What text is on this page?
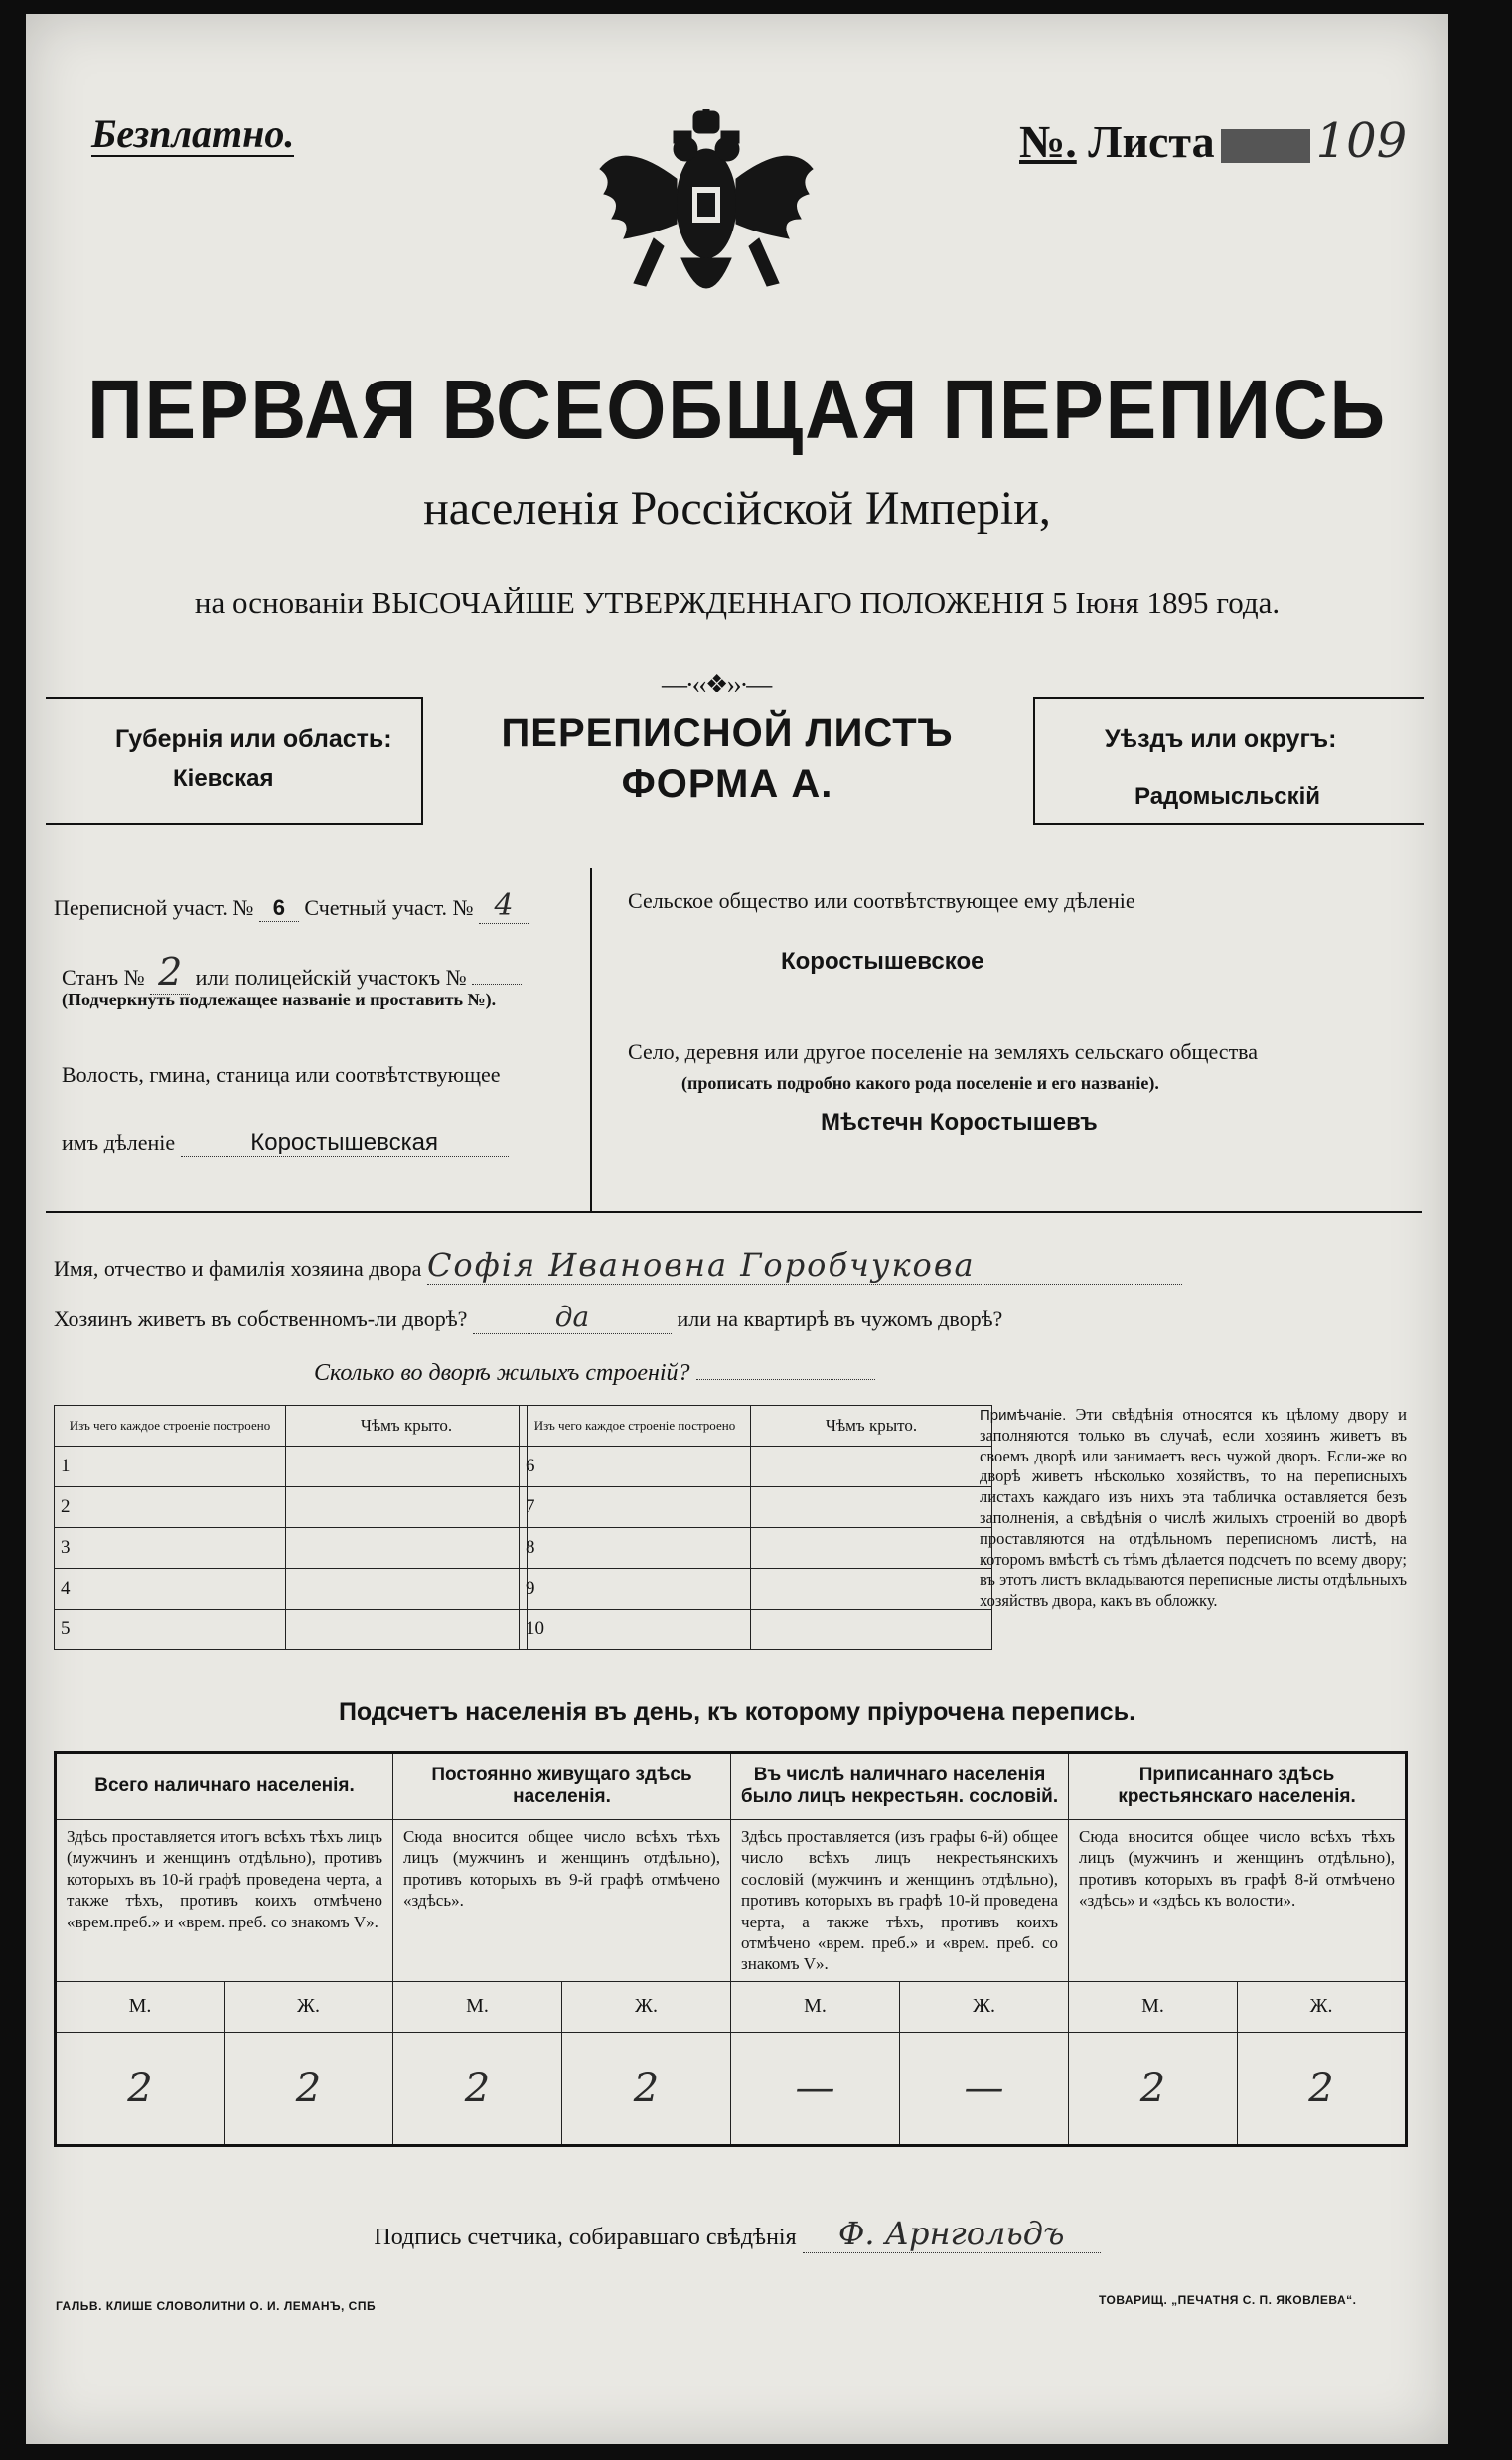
Безплатно.	№. Листа 109
ПЕРВАЯ ВСЕОБЩАЯ ПЕРЕПИСЬ
населенія Россійской Имперіи,
на основаніи ВЫСОЧАЙШЕ УТВЕРЖДЕННАГО ПОЛОЖЕНІЯ 5 Іюня 1895 года.
—·‹‹❖››·—
Губернія или область:
Кіевская
ПЕРЕПИСНОЙ ЛИСТЪ
ФОРМА А.
Уѣздъ или округъ:
Радомысльскій
Переписной участ. № 6 Счетный участ. № 4
Станъ № 2 или полицейскій участокъ №
(Подчеркнуть подлежащее названіе и проставить №).
Волость, гмина, станица или соотвѣтствующее
имъ дѣленіе	Коростышевская
Сельское общество или соотвѣтствующее ему дѣленіе
Коростышевское
Село, деревня или другое поселеніе на земляхъ сельскаго общества
(прописать подробно какого рода поселеніе и его названіе).
Мѣстечн Коростышевъ
Имя, отчество и фамилія хозяина двора Софія Ивановна Горобчукова
Хозяинъ живетъ въ собственномъ-ли дворѣ?	да	или на квартирѣ въ чужомъ дворѣ?
Сколько во дворѣ жилыхъ строеній?
Изъ чего каждое строеніе построено	Чѣмъ крыто.
1	
2	
3	
4	
5	
Изъ чего каждое строеніе построено	Чѣмъ крыто.
6	
7	
8	
9	
10	
Примѣчаніе. Эти свѣдѣнія относятся къ цѣлому двору и заполняются только въ случаѣ, если хозяинъ живетъ въ своемъ дворѣ или занимаетъ весь чужой дворъ. Если-же во дворѣ живетъ нѣсколько хозяйствъ, то на переписныхъ листахъ каждаго изъ нихъ эта табличка оставляется безъ заполненія, а свѣдѣнія о числѣ жилыхъ строеній во дворѣ проставляются на отдѣльномъ переписномъ листѣ, на которомъ вмѣстѣ съ тѣмъ дѣлается подсчетъ по всему двору; въ этотъ листъ вкладываются переписные листы отдѣльныхъ хозяйствъ двора, какъ въ обложку.
Подсчетъ населенія въ день, къ которому пріурочена перепись.
Всего наличнаго населенія.		Постоянно живущаго здѣсь населенія.		Въ числѣ наличнаго населенія было лицъ некрестьян. сословій.		Приписаннаго здѣсь крестьянскаго населенія.	
Здѣсь проставляется итогъ всѣхъ тѣхъ лицъ (мужчинъ и женщинъ отдѣльно), противъ которыхъ въ 10-й графѣ проведена черта, а также тѣхъ, противъ коихъ отмѣчено «врем.преб.» и «врем. преб. со знакомъ V».		Сюда вносится общее число всѣхъ тѣхъ лицъ (мужчинъ и женщинъ отдѣльно), противъ которыхъ въ 9-й графѣ отмѣчено «здѣсь».		Здѣсь проставляется (изъ графы 6-й) общее число всѣхъ лицъ некрестьянскихъ сословій (мужчинъ и женщинъ отдѣльно), противъ которыхъ въ графѣ 10-й проведена черта, а также тѣхъ, противъ коихъ отмѣчено «врем. преб.» и «врем. преб. со знакомъ V».		Сюда вносится общее число всѣхъ тѣхъ лицъ (мужчинъ и женщинъ отдѣльно), противъ которыхъ въ графѣ 8-й отмѣчено «здѣсь» и «здѣсь къ волости».	
М.	Ж.	М.	Ж.	М.	Ж.	М.	Ж.
2	2	2	2	—	—	2	2
Подпись счетчика, собиравшаго свѣдѣнія Ф. Арнгольдъ
ГАЛЬВ. КЛИШЕ СЛОВОЛИТНИ О. И. ЛЕМАНЪ, СПБ	ТОВАРИЩ. „ПЕЧАТНЯ С. П. ЯКОВЛЕВА“.
